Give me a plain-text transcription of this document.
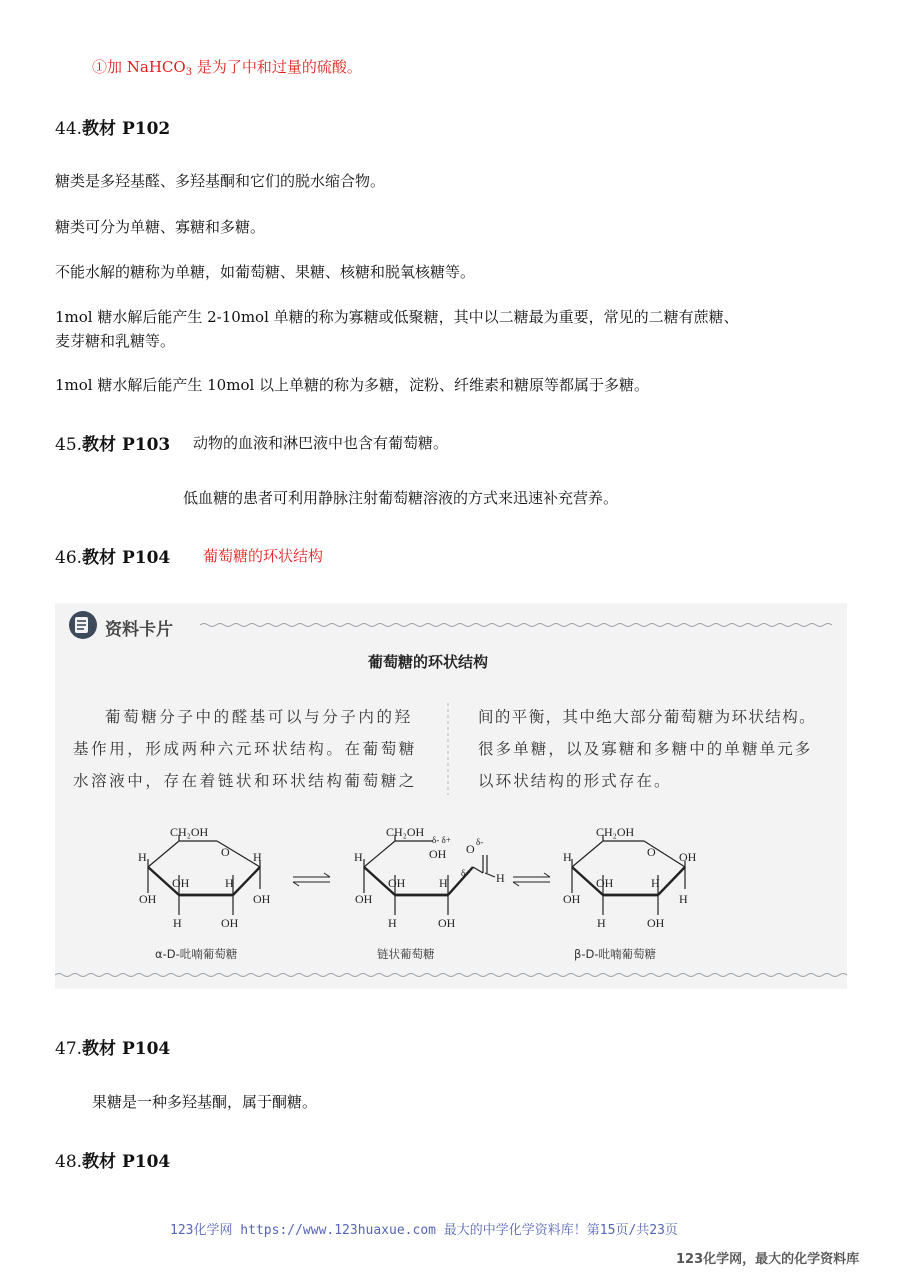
①加 NaHCO$_3$ 是为了中和过量的硫酸。
44.教材 P102
糖类是多羟基醛、多羟基酮和它们的脱水缩合物。
糖类可分为单糖、寡糖和多糖。
不能水解的糖称为单糖，如葡萄糖、果糖、核糖和脱氧核糖等。
1mol 糖水解后能产生 2-10mol 单糖的称为寡糖或低聚糖，其中以二糖最为重要，常见的二糖有蔗糖、
麦芽糖和乳糖等。
1mol 糖水解后能产生 10mol 以上单糖的称为多糖，淀粉、纤维素和糖原等都属于多糖。
45.教材 P103 动物的血液和淋巴液中也含有葡萄糖。
低血糖的患者可利用静脉注射葡萄糖溶液的方式来迅速补充营养。
46.教材 P104 葡萄糖的环状结构
CH₂OH
O
H	H
OH	H
OH	OH
H	OH
CH₂OH
OH
δ- δ+
O δ-
δ+ H
H
OH	H
OH
H	OH
CH₂OH
O
H	OH
OH	H
OH	H
H	OH
α-D-吡喃葡萄糖	链状葡萄糖	β-D-吡喃葡萄糖
资料卡片
葡萄糖的环状结构
葡萄糖分子中的醛基可以与分子内的羟
基作用，形成两种六元环状结构。在葡萄糖
水溶液中，存在着链状和环状结构葡萄糖之
间的平衡，其中绝大部分葡萄糖为环状结构。
很多单糖，以及寡糖和多糖中的单糖单元多
以环状结构的形式存在。
47.教材 P104
果糖是一种多羟基酮，属于酮糖。
48.教材 P104
123化学网 https://www.123huaxue.com 最大的中学化学资料库！第15页/共23页
123化学网，最大的化学资料库
